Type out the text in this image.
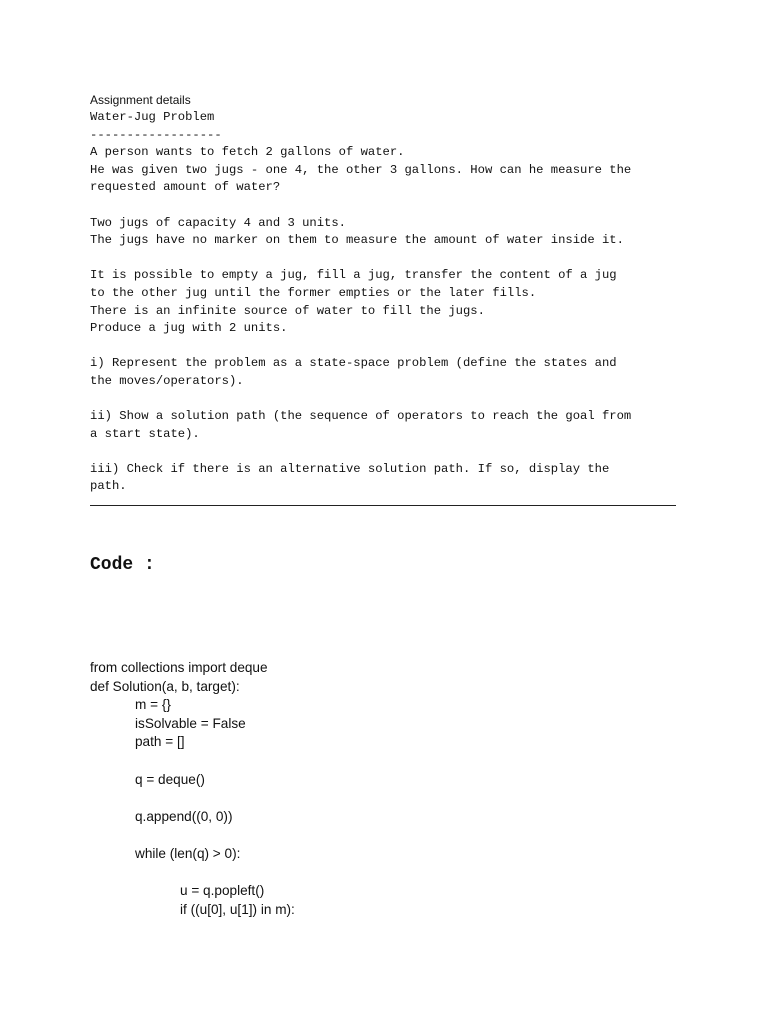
Assignment details
Water-Jug Problem
------------------
A person wants to fetch 2 gallons of water.
He was given two jugs - one 4, the other 3 gallons. How can he measure the
requested amount of water?

Two jugs of capacity 4 and 3 units.
The jugs have no marker on them to measure the amount of water inside it.

It is possible to empty a jug, fill a jug, transfer the content of a jug
to the other jug until the former empties or the later fills.
There is an infinite source of water to fill the jugs.
Produce a jug with 2 units.

i) Represent the problem as a state-space problem (define the states and
the moves/operators).

ii) Show a solution path (the sequence of operators to reach the goal from
a start state).

iii) Check if there is an alternative solution path. If so, display the
path.
Code :
from collections import deque
def Solution(a, b, target):
m = {}
isSolvable = False
path = []
q = deque()
q.append((0, 0))
while (len(q) > 0):
u = q.popleft()
if ((u[0], u[1]) in m):
